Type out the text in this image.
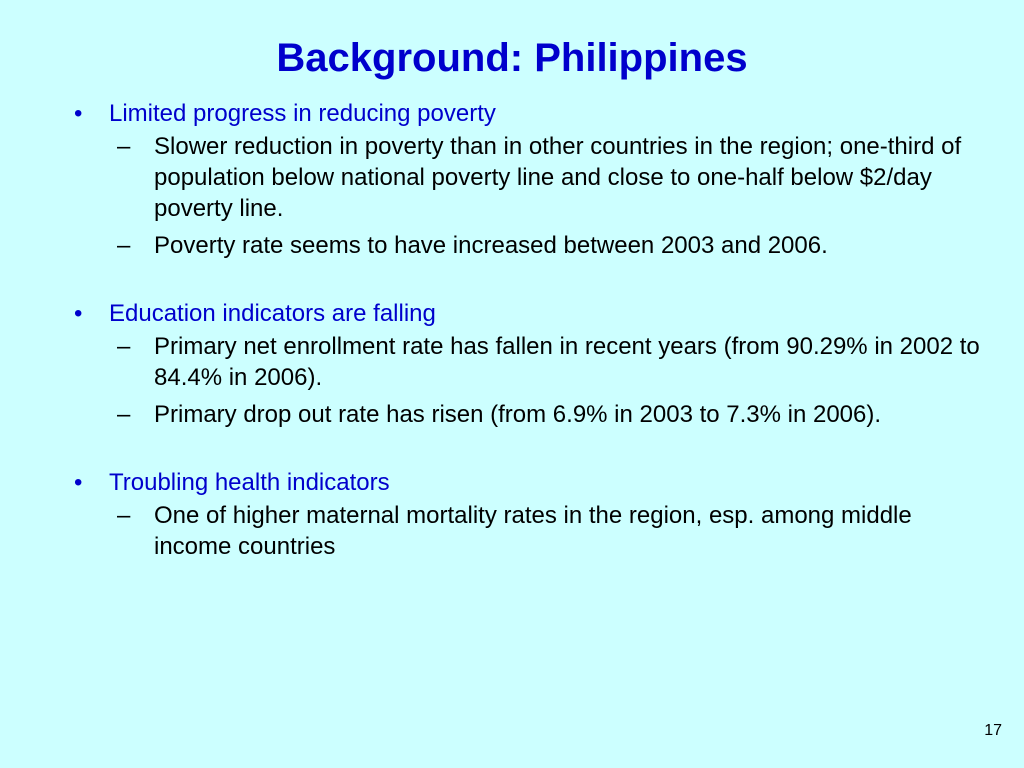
Background: Philippines
• Limited progress in reducing poverty
– Slower reduction in poverty than in other countries in the region; one-third of population below national poverty line and close to one-half below $2/day poverty line.
– Poverty rate seems to have increased between 2003 and 2006.
• Education indicators are falling
– Primary net enrollment rate has fallen in recent years (from 90.29% in 2002 to 84.4% in 2006).
– Primary drop out rate has risen (from 6.9% in 2003 to 7.3% in 2006).
• Troubling health indicators
– One of higher maternal mortality rates in the region, esp. among middle income countries
17
